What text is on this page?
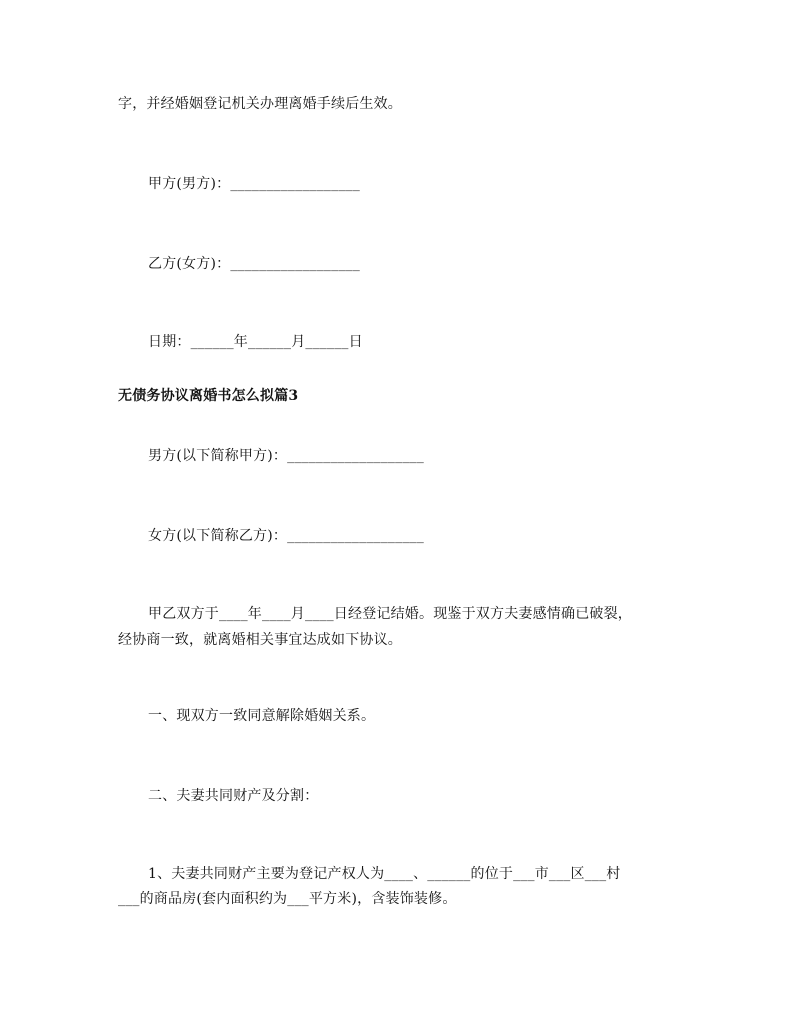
字，并经婚姻登记机关办理离婚手续后生效。
甲方(男方)：__________________
乙方(女方)：__________________
日期：______年______月______日
无债务协议离婚书怎么拟篇3
男方(以下简称甲方)：___________________
女方(以下简称乙方)：___________________
甲乙双方于____年____月____日经登记结婚。现鉴于双方夫妻感情确已破裂，
经协商一致，就离婚相关事宜达成如下协议。
一、现双方一致同意解除婚姻关系。
二、夫妻共同财产及分割：
1、夫妻共同财产主要为登记产权人为____、______的位于___市___区___村
___的商品房(套内面积约为___平方米)，含装饰装修。
